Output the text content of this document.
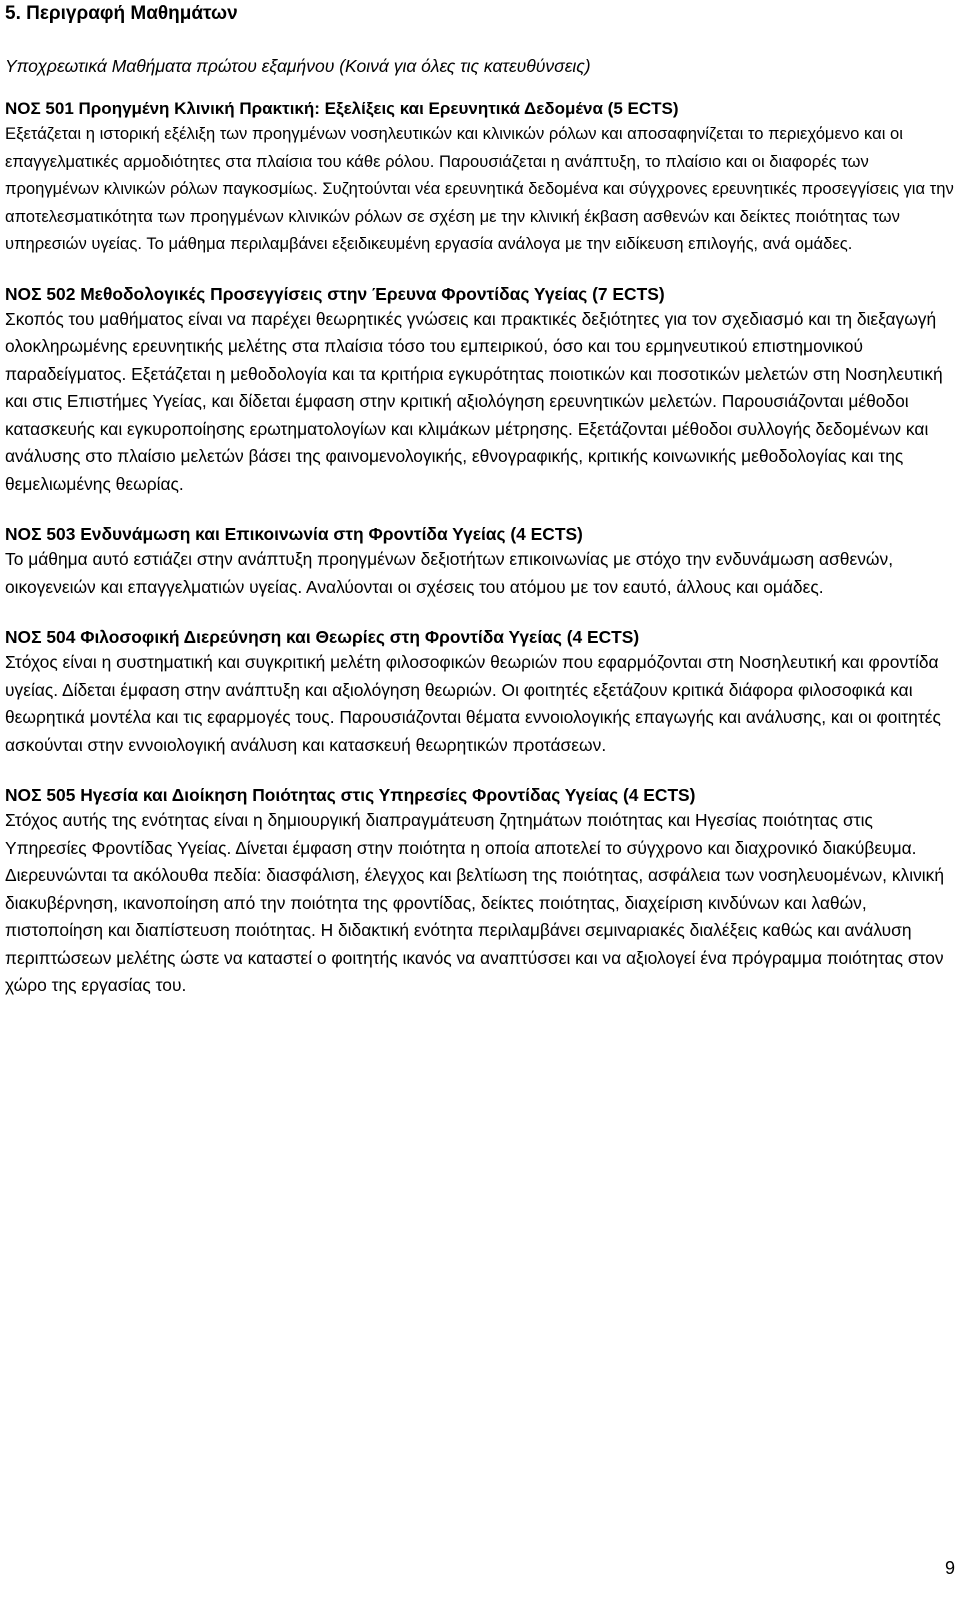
5. Περιγραφή Μαθημάτων
Υποχρεωτικά Μαθήματα πρώτου εξαμήνου (Κοινά για όλες τις κατευθύνσεις)
ΝΟΣ 501 Προηγμένη Κλινική Πρακτική: Εξελίξεις και Ερευνητικά Δεδομένα (5 ECTS)
Εξετάζεται η ιστορική εξέλιξη των προηγμένων νοσηλευτικών και κλινικών ρόλων και αποσαφηνίζεται το περιεχόμενο και οι επαγγελματικές αρμοδιότητες στα πλαίσια του κάθε ρόλου. Παρουσιάζεται η ανάπτυξη, το πλαίσιο και οι διαφορές των προηγμένων κλινικών ρόλων παγκοσμίως. Συζητούνται νέα ερευνητικά δεδομένα και σύγχρονες ερευνητικές προσεγγίσεις για την αποτελεσματικότητα των προηγμένων κλινικών ρόλων σε σχέση με την κλινική έκβαση ασθενών και δείκτες ποιότητας των υπηρεσιών υγείας. Το μάθημα περιλαμβάνει εξειδικευμένη εργασία ανάλογα με την ειδίκευση επιλογής, ανά ομάδες.
ΝΟΣ 502 Μεθοδολογικές Προσεγγίσεις στην Έρευνα Φροντίδας Υγείας (7 ECTS)
Σκοπός του μαθήματος είναι να παρέχει θεωρητικές γνώσεις και πρακτικές δεξιότητες για τον σχεδιασμό και τη διεξαγωγή ολοκληρωμένης ερευνητικής μελέτης στα πλαίσια τόσο του εμπειρικού, όσο και του ερμηνευτικού επιστημονικού παραδείγματος. Εξετάζεται η μεθοδολογία και τα κριτήρια εγκυρότητας ποιοτικών και ποσοτικών μελετών στη Νοσηλευτική και στις Επιστήμες Υγείας, και δίδεται έμφαση στην κριτική αξιολόγηση ερευνητικών μελετών. Παρουσιάζονται μέθοδοι κατασκευής και εγκυροποίησης ερωτηματολογίων και κλιμάκων μέτρησης. Εξετάζονται μέθοδοι συλλογής δεδομένων και ανάλυσης στο πλαίσιο μελετών βάσει της φαινομενολογικής, εθνογραφικής, κριτικής κοινωνικής μεθοδολογίας και της θεμελιωμένης θεωρίας.
ΝΟΣ 503 Ενδυνάμωση και Επικοινωνία στη Φροντίδα Υγείας (4 ECTS)
Το μάθημα αυτό εστιάζει στην ανάπτυξη προηγμένων δεξιοτήτων επικοινωνίας με στόχο την ενδυνάμωση ασθενών, οικογενειών και επαγγελματιών υγείας. Αναλύονται οι σχέσεις του ατόμου με τον εαυτό, άλλους και ομάδες.
ΝΟΣ 504 Φιλοσοφική Διερεύνηση και Θεωρίες στη Φροντίδα Υγείας (4 ECTS)
Στόχος είναι η συστηματική και συγκριτική μελέτη φιλοσοφικών θεωριών που εφαρμόζονται στη Νοσηλευτική και φροντίδα υγείας. Δίδεται έμφαση στην ανάπτυξη και αξιολόγηση θεωριών. Οι φοιτητές εξετάζουν κριτικά διάφορα φιλοσοφικά και θεωρητικά μοντέλα και τις εφαρμογές τους. Παρουσιάζονται θέματα εννοιολογικής επαγωγής και ανάλυσης, και οι φοιτητές ασκούνται στην εννοιολογική ανάλυση και κατασκευή θεωρητικών προτάσεων.
ΝΟΣ 505 Ηγεσία και Διοίκηση Ποιότητας στις Υπηρεσίες Φροντίδας Υγείας (4 ECTS)
Στόχος αυτής της ενότητας είναι η δημιουργική διαπραγμάτευση ζητημάτων ποιότητας και Ηγεσίας ποιότητας στις Υπηρεσίες Φροντίδας Υγείας. Δίνεται έμφαση στην ποιότητα η οποία αποτελεί το σύγχρονο και διαχρονικό διακύβευμα. Διερευνώνται τα ακόλουθα πεδία: διασφάλιση, έλεγχος και βελτίωση της ποιότητας, ασφάλεια των νοσηλευομένων, κλινική διακυβέρνηση, ικανοποίηση από την ποιότητα της φροντίδας, δείκτες ποιότητας, διαχείριση κινδύνων και λαθών, πιστοποίηση και διαπίστευση ποιότητας. Η διδακτική ενότητα περιλαμβάνει σεμιναριακές διαλέξεις καθώς και ανάλυση περιπτώσεων μελέτης ώστε να καταστεί ο φοιτητής ικανός να αναπτύσσει και να αξιολογεί ένα πρόγραμμα ποιότητας στον χώρο της εργασίας του.
9
